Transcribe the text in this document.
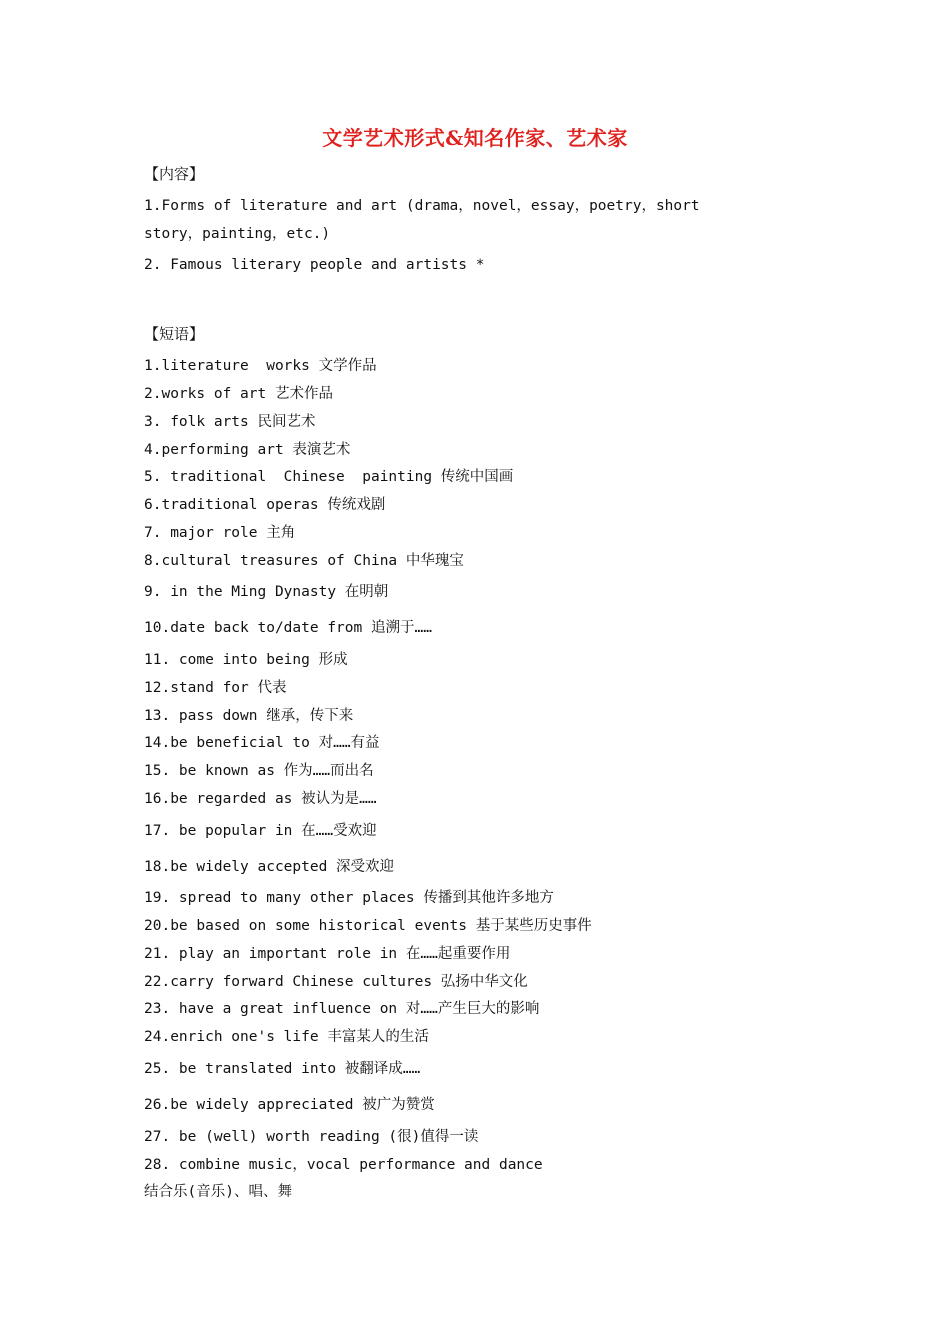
文学艺术形式&知名作家、艺术家
【内容】
1.Forms of literature and art (drama，novel，essay，poetry，short
story，painting，etc.)
2. Famous literary people and artists *
【短语】
1.literature  works 文学作品
2.works of art 艺术作品
3. folk arts 民间艺术
4.performing art 表演艺术
5. traditional  Chinese  painting 传统中国画
6.traditional operas 传统戏剧
7. major role 主角
8.cultural treasures of China 中华瑰宝
9. in the Ming Dynasty 在明朝
10.date back to/date from 追溯于……
11. come into being 形成
12.stand for 代表
13. pass down 继承，传下来
14.be beneficial to 对……有益
15. be known as 作为……而出名
16.be regarded as 被认为是……
17. be popular in 在……受欢迎
18.be widely accepted 深受欢迎
19. spread to many other places 传播到其他许多地方
20.be based on some historical events 基于某些历史事件
21. play an important role in 在……起重要作用
22.carry forward Chinese cultures 弘扬中华文化
23. have a great influence on 对……产生巨大的影响
24.enrich one's life 丰富某人的生活
25. be translated into 被翻译成……
26.be widely appreciated 被广为赞赏
27. be (well) worth reading (很)值得一读
28. combine music，vocal performance and dance
结合乐(音乐)、唱、舞
